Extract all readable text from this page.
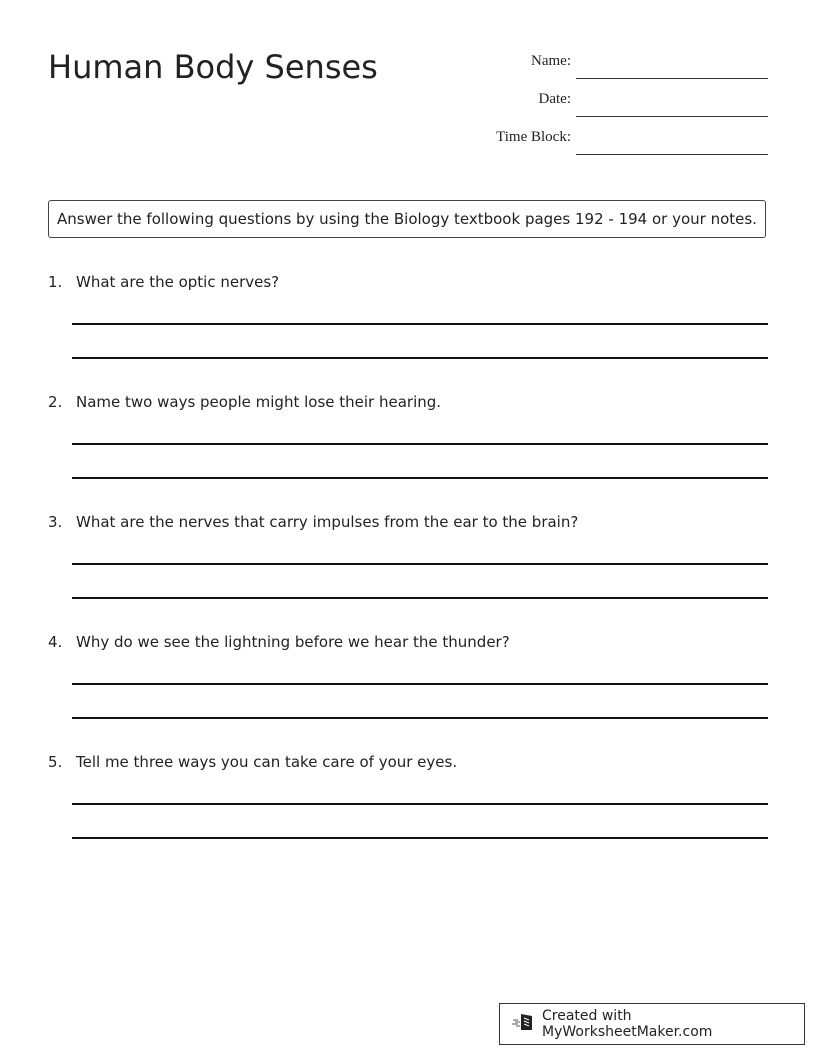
Human Body Senses	Name:
Date:
Time Block:
Answer the following questions by using the Biology textbook pages 192 - 194 or your notes.
1. What are the optic nerves?
2. Name two ways people might lose their hearing.
3. What are the nerves that carry impulses from the ear to the brain?
4. Why do we see the lightning before we hear the thunder?
5. Tell me three ways you can take care of your eyes.
Created with MyWorksheetMaker.com
